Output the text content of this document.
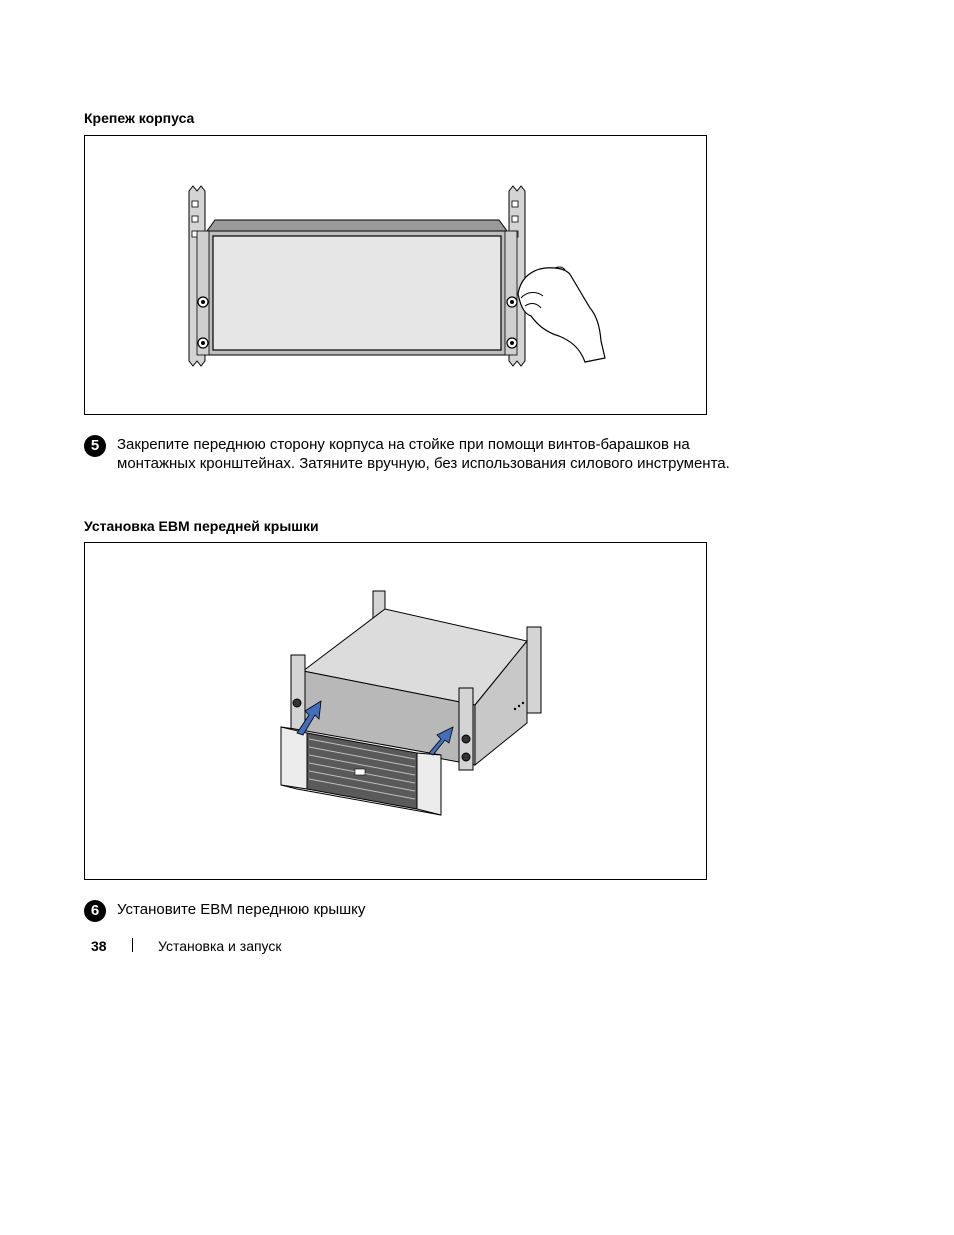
Крепеж корпуса
5	Закрепите переднюю сторону корпуса на стойке при помощи винтов-барашков на монтажных кронштейнах. Затяните вручную, без использования силового инструмента.
Установка EBM передней крышки
6	Установите EBM переднюю крышку
38	Установка и запуск
